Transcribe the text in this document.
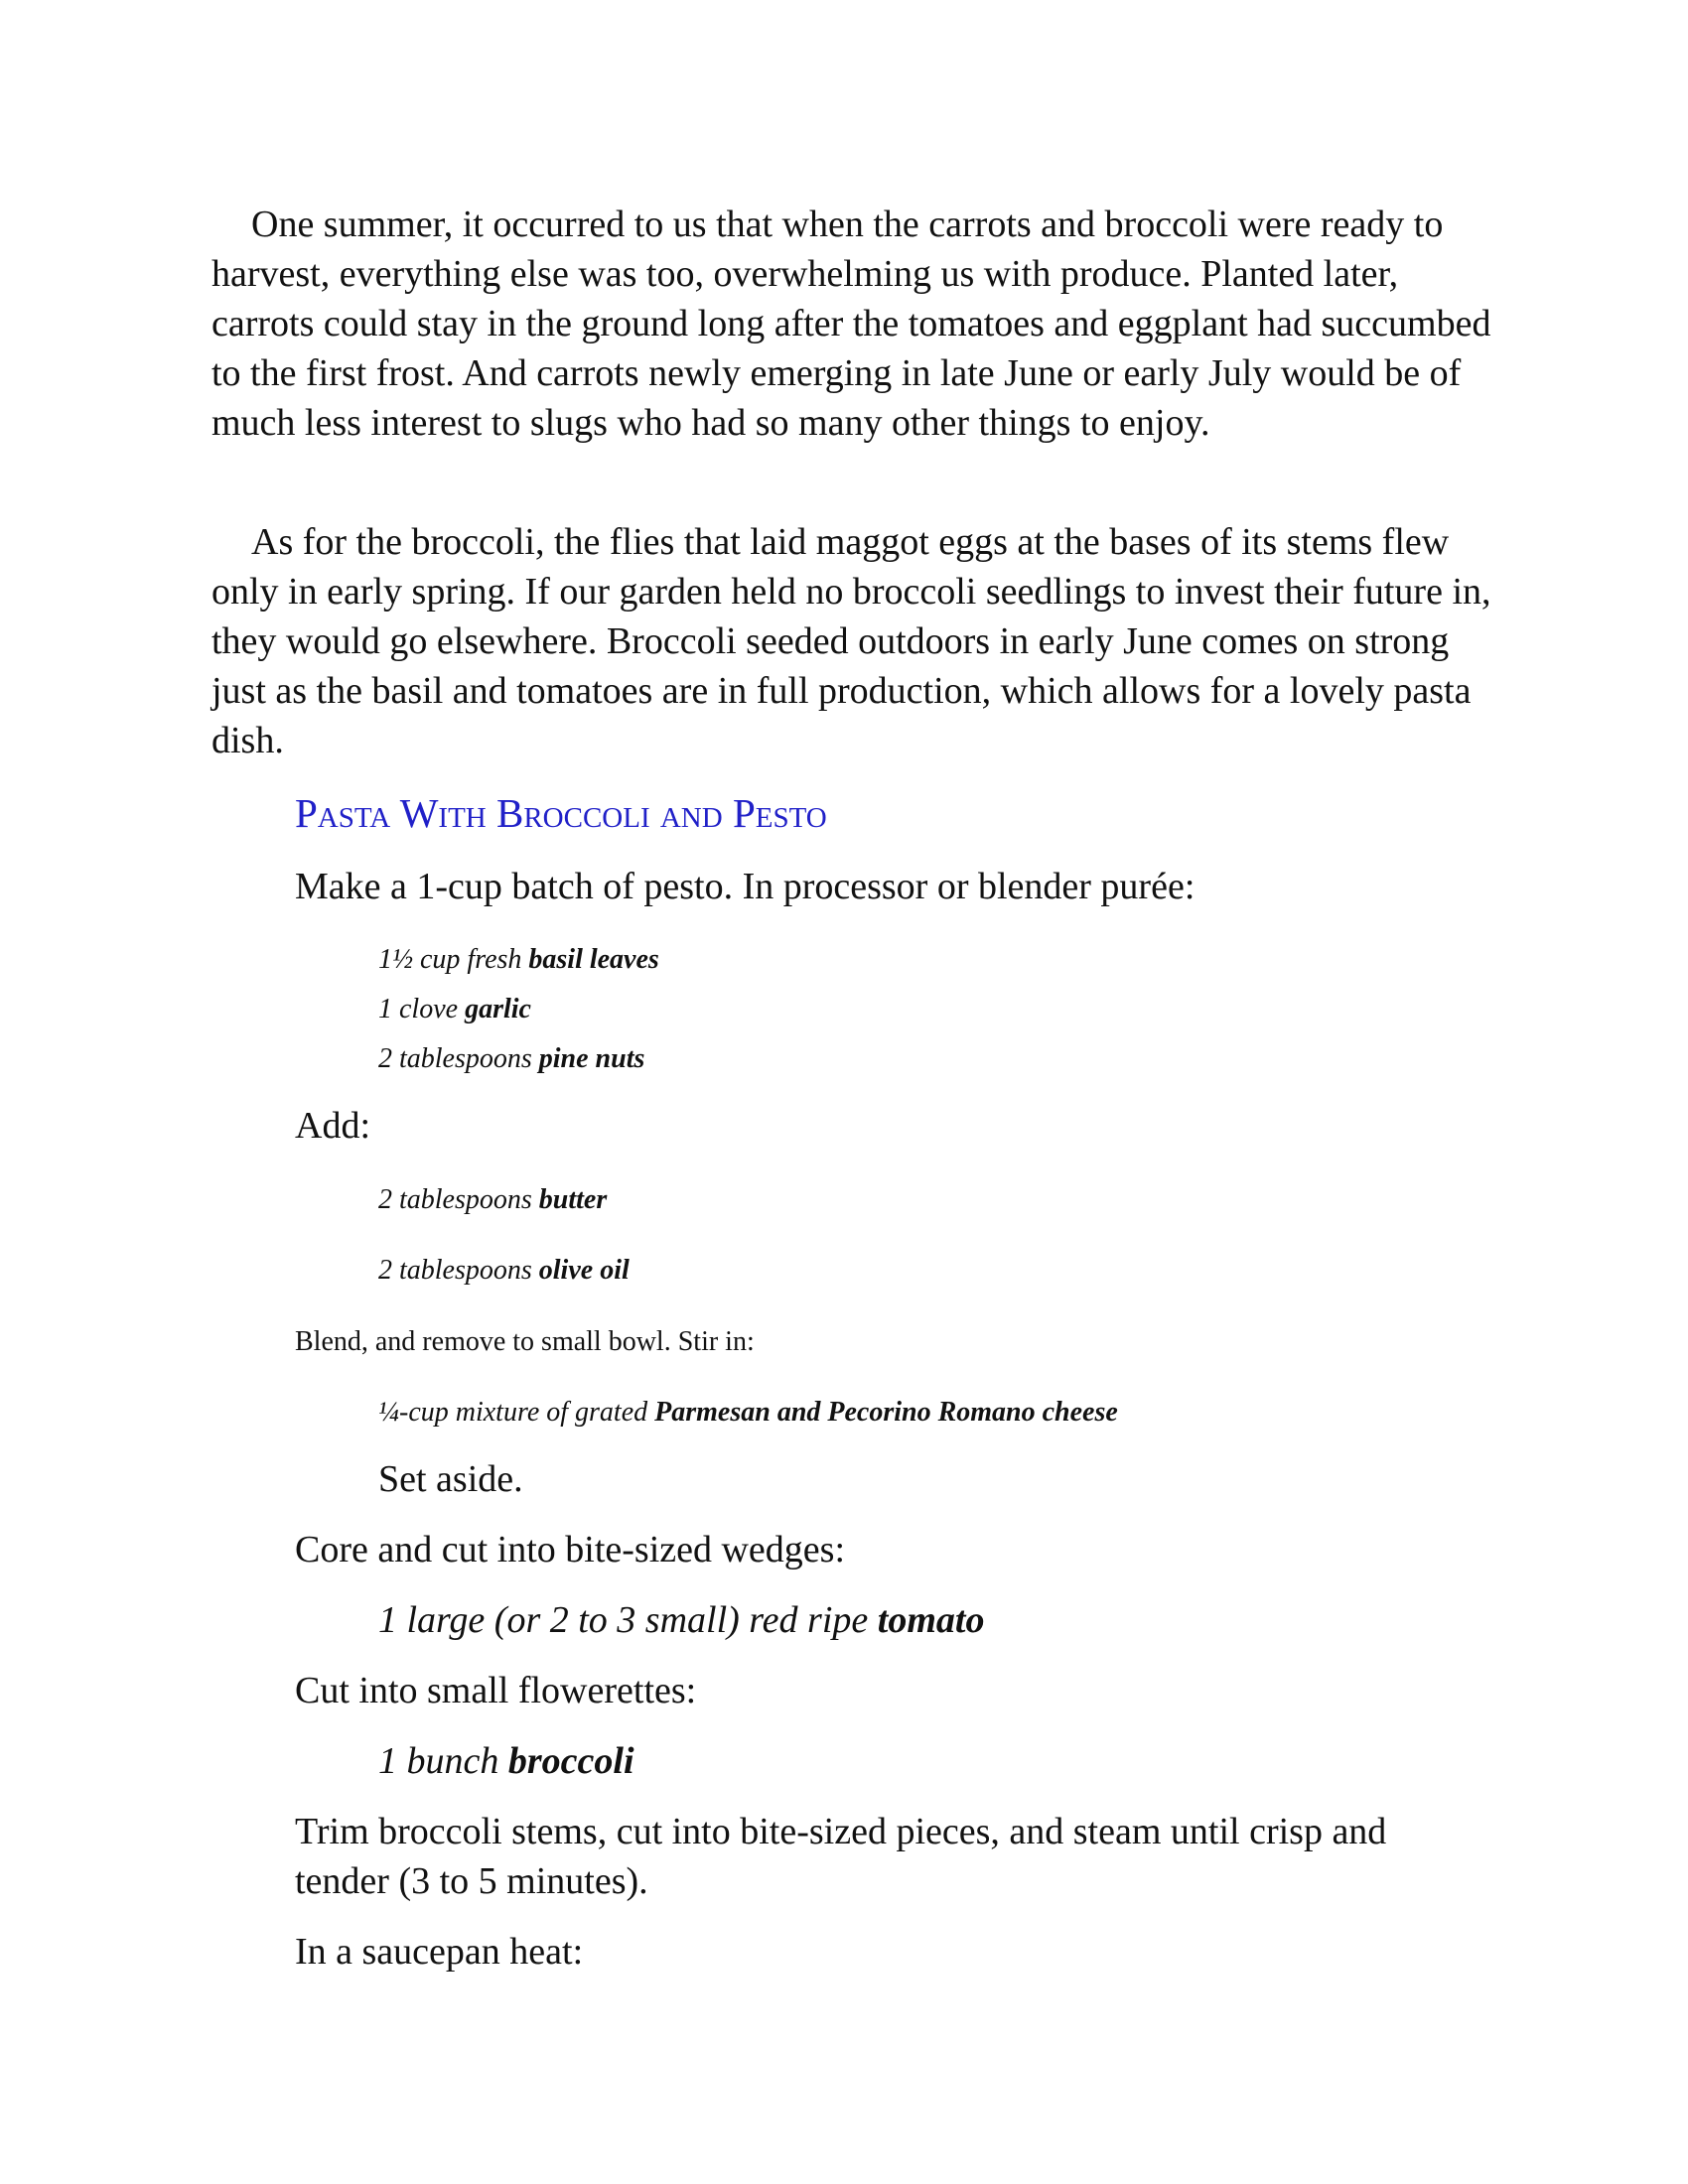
One summer, it occurred to us that when the carrots and broccoli were ready to harvest, everything else was too, overwhelming us with produce. Planted later, carrots could stay in the ground long after the tomatoes and eggplant had succumbed to the first frost. And carrots newly emerging in late June or early July would be of much less interest to slugs who had so many other things to enjoy.

As for the broccoli, the flies that laid maggot eggs at the bases of its stems flew only in early spring. If our garden held no broccoli seedlings to invest their future in, they would go elsewhere. Broccoli seeded outdoors in early June comes on strong just as the basil and tomatoes are in full production, which allows for a lovely pasta dish.

Pasta With Broccoli and Pesto

Make a 1-cup batch of pesto. In processor or blender purée:

1½ cup fresh basil leaves

1 clove garlic

2 tablespoons pine nuts

Add:

2 tablespoons butter

2 tablespoons olive oil

Blend, and remove to small bowl. Stir in:

¼-cup mixture of grated Parmesan and Pecorino Romano cheese

Set aside.

Core and cut into bite-sized wedges:

1 large (or 2 to 3 small) red ripe tomato

Cut into small flowerettes:

1 bunch broccoli

Trim broccoli stems, cut into bite-sized pieces, and steam until crisp and tender (3 to 5 minutes).

In a saucepan heat:
